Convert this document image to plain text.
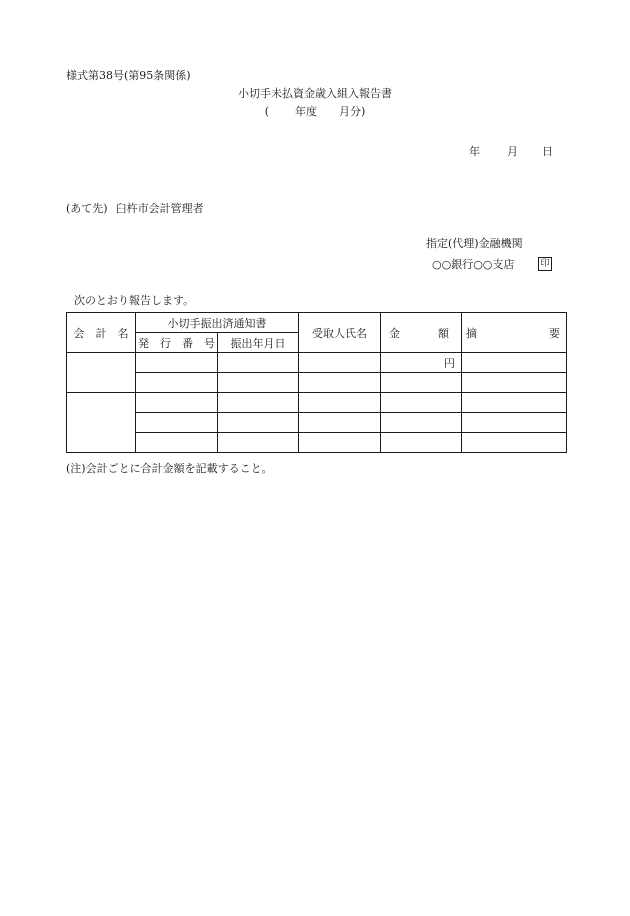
様式第38号(第95条関係)
小切手未払資金歳入組入報告書
( 年度 月分)
年 月 日
(あて先) 臼杵市会計管理者
指定(代理)金融機関
○○銀行○○支店	印
次のとおり報告します。
会　計　名	小切手振出済通知書		受取人氏名	金 額	摘 要

	発　行　番　号	振出年月日			
				円	

(注)会計ごとに合計金額を記載すること。
